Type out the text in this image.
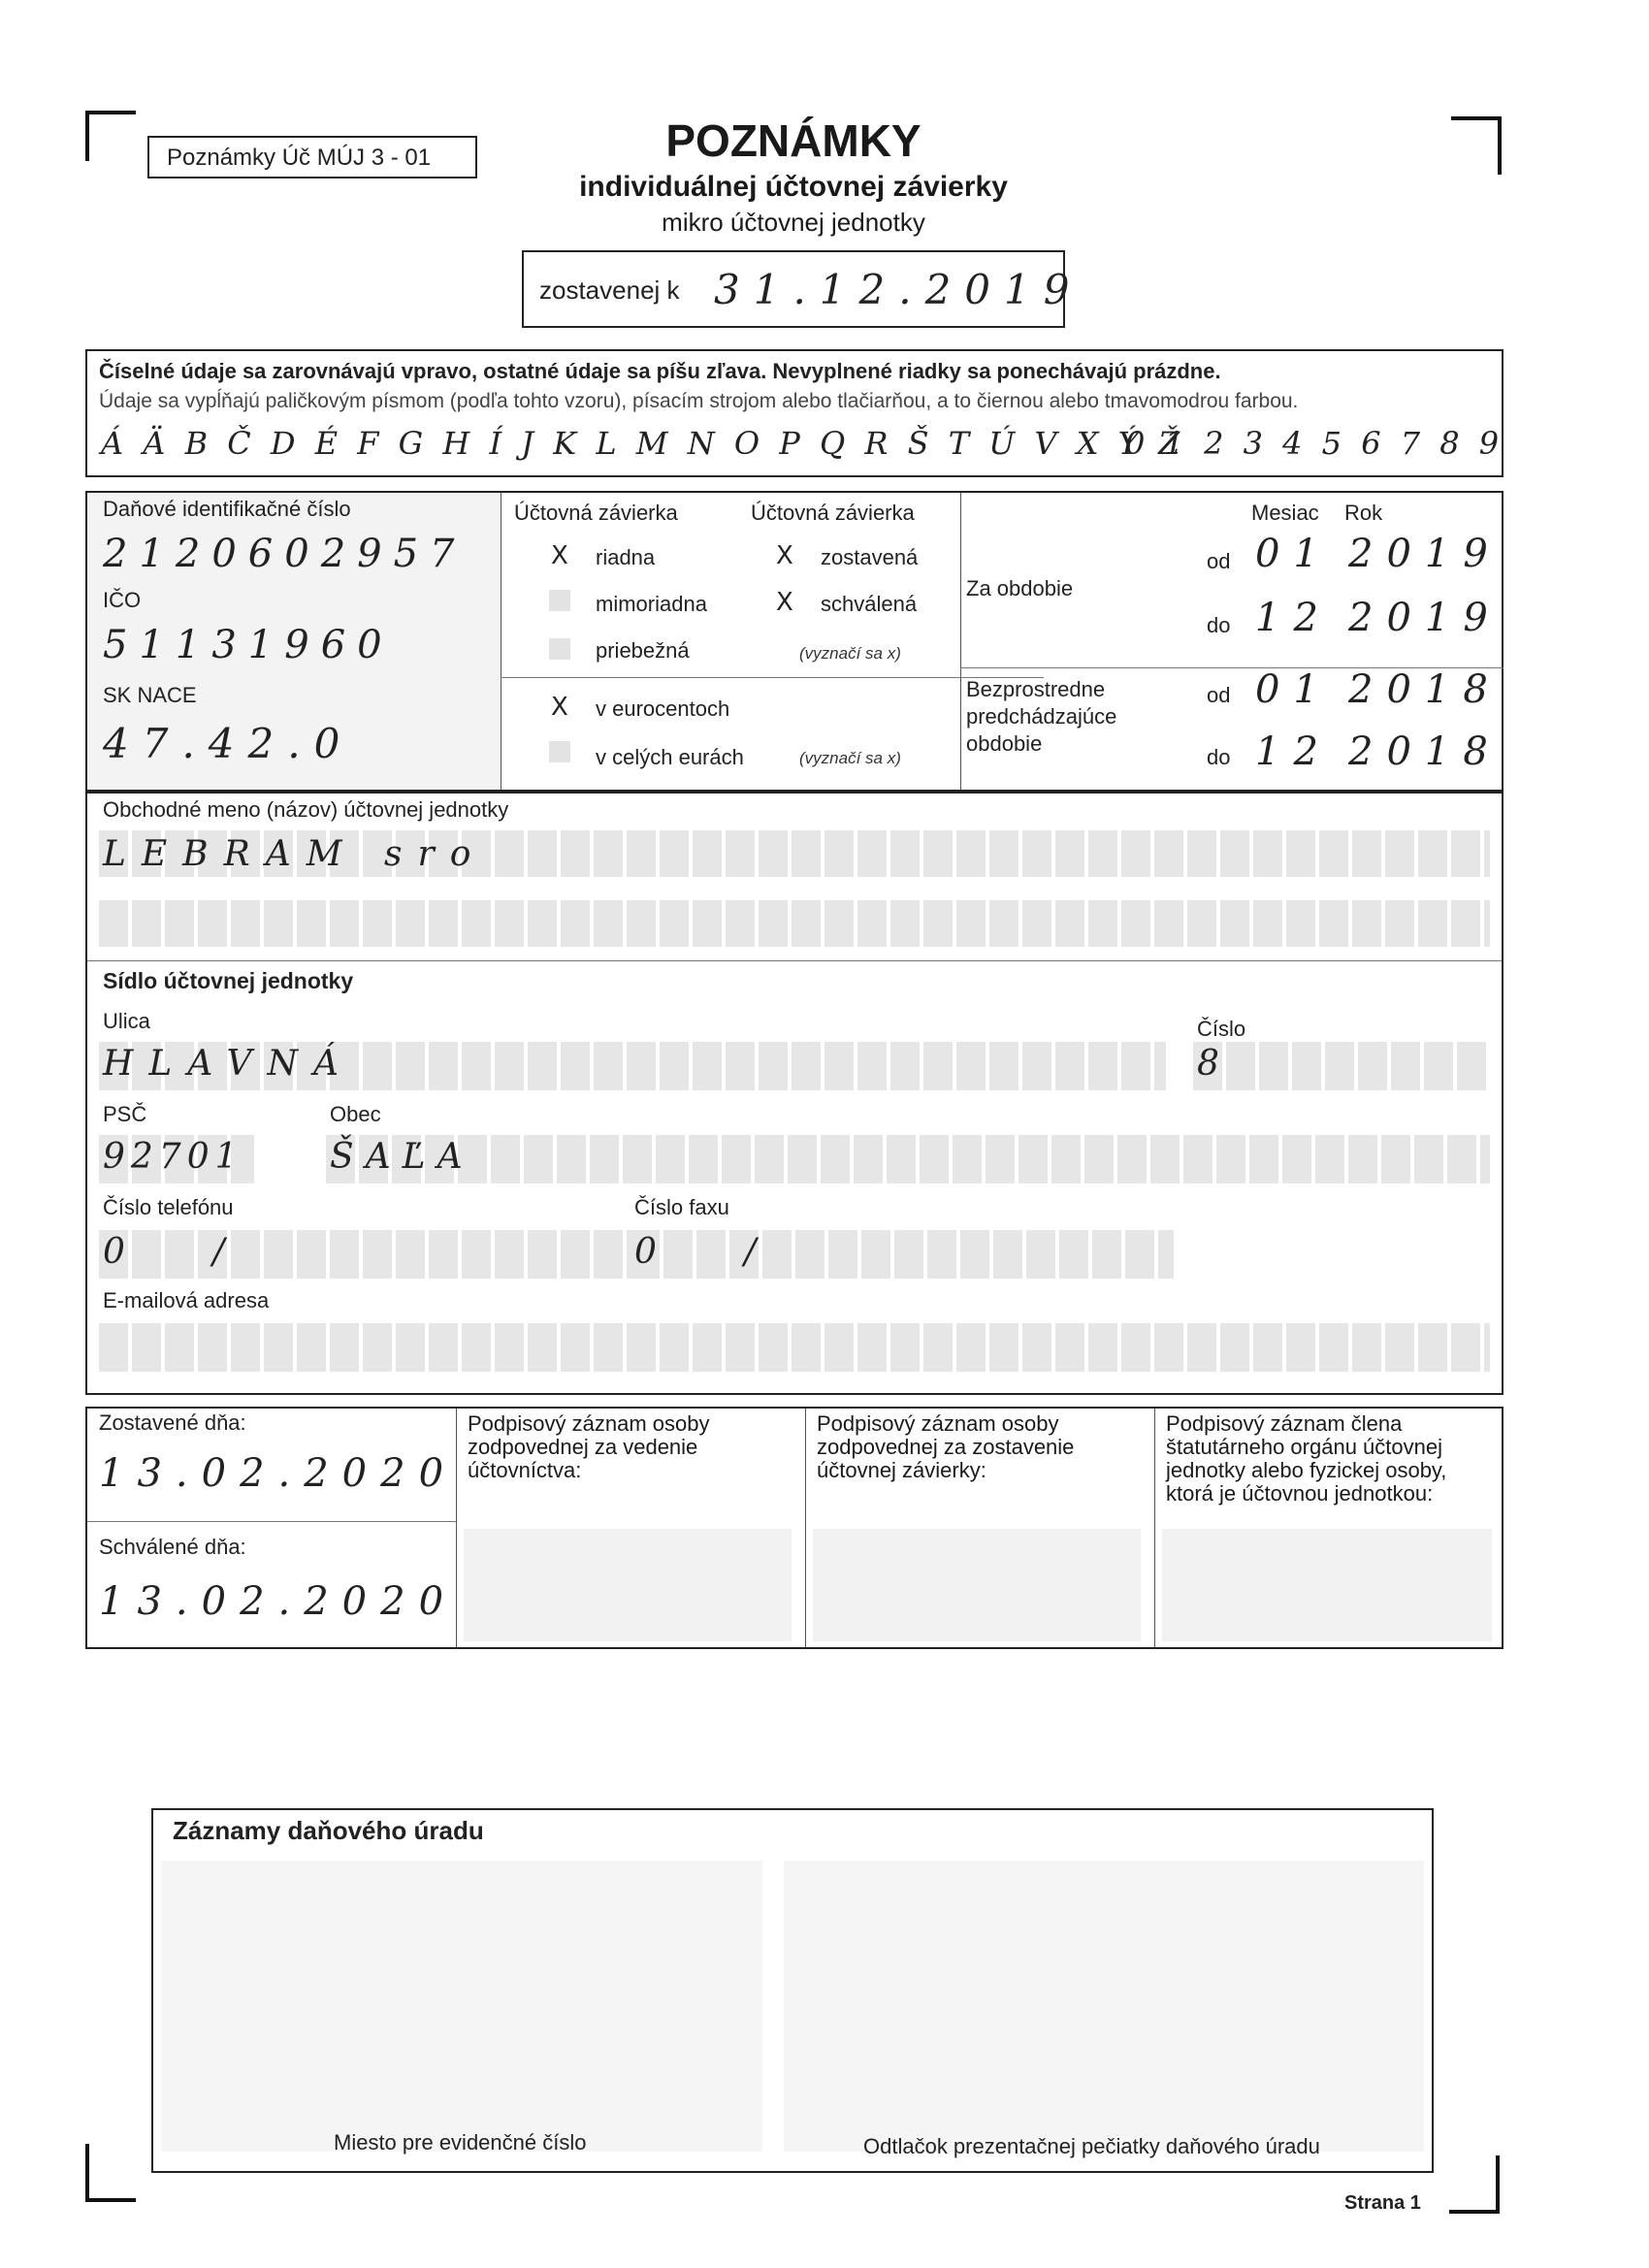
Poznámky Úč MÚJ 3 - 01	POZNÁMKY
individuálnej účtovnej závierky
mikro účtovnej jednotky
zostavenej k 31.12.2019
Číselné údaje sa zarovnávajú vpravo, ostatné údaje sa píšu zľava. Nevyplnené riadky sa ponechávajú prázdne.
Údaje sa vypĺňajú paličkovým písmom (podľa tohto vzoru), písacím strojom alebo tlačiarňou, a to čiernou alebo tmavomodrou farbou.
Á Ä B Č D É F G H Í J K L M N O P Q R Š T Ú V X Ý Ž
0 1 2 3 4 5 6 7 8 9
Daňové identifikačné číslo
2120602957
IČO
51131960
SK NACE
47.42.0
Účtovná závierka
X riadna
mimoriadna
priebežná
X v eurocentoch
v celých eurách
Účtovná závierka
X zostavená
X schválená
(vyznačí sa x)
(vyznačí sa x)
Mesiac Rok
Za obdobie
od 01 2019
do 12 2019
Bezprostredne
predchádzajúce
obdobie
od 01 2018
do 12 2018
Obchodné meno (názov) účtovnej jednotky
LEBRAM sro
Sídlo účtovnej jednotky
Ulica
HLAVNÁ
Číslo
8
PSČ
92701
Obec
ŠAĽA
Číslo telefónu
0   /
Číslo faxu
0   /
E-mailová adresa
Zostavené dňa:
13.02.2020
Schválené dňa:
13.02.2020
Podpisový záznam osoby zodpovednej za vedenie účtovníctva:
Podpisový záznam osoby zodpovednej za zostavenie účtovnej závierky:
Podpisový záznam člena štatutárneho orgánu účtovnej jednotky alebo fyzickej osoby, ktorá je účtovnou jednotkou:
Záznamy daňového úradu
Miesto pre evidenčné číslo	Odtlačok prezentačnej pečiatky daňového úradu
Strana 1
